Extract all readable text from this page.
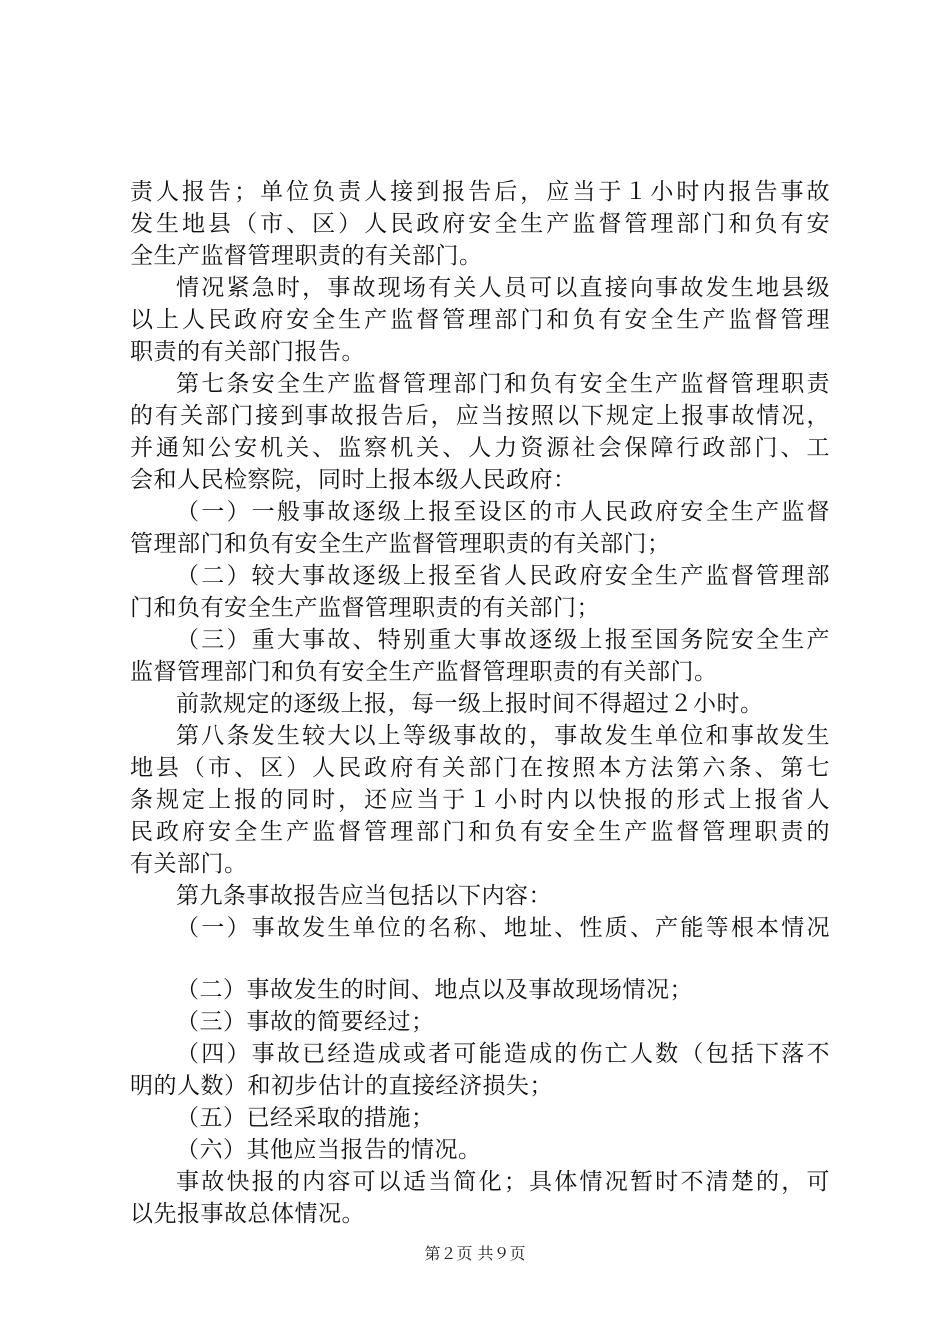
责人报告；单位负责人接到报告后，应当于１小时内报告事故
发生地县（市、区）人民政府安全生产监督管理部门和负有安
全生产监督管理职责的有关部门。
情况紧急时，事故现场有关人员可以直接向事故发生地县级
以上人民政府安全生产监督管理部门和负有安全生产监督管理
职责的有关部门报告。
第七条安全生产监督管理部门和负有安全生产监督管理职责
的有关部门接到事故报告后，应当按照以下规定上报事故情况，
并通知公安机关、监察机关、人力资源社会保障行政部门、工
会和人民检察院，同时上报本级人民政府：
（一）一般事故逐级上报至设区的市人民政府安全生产监督
管理部门和负有安全生产监督管理职责的有关部门；
（二）较大事故逐级上报至省人民政府安全生产监督管理部
门和负有安全生产监督管理职责的有关部门；
（三）重大事故、特别重大事故逐级上报至国务院安全生产
监督管理部门和负有安全生产监督管理职责的有关部门。
前款规定的逐级上报，每一级上报时间不得超过２小时。
第八条发生较大以上等级事故的，事故发生单位和事故发生
地县（市、区）人民政府有关部门在按照本方法第六条、第七
条规定上报的同时，还应当于１小时内以快报的形式上报省人
民政府安全生产监督管理部门和负有安全生产监督管理职责的
有关部门。
第九条事故报告应当包括以下内容：
（一）事故发生单位的名称、地址、性质、产能等根本情况
（二）事故发生的时间、地点以及事故现场情况；
（三）事故的简要经过；
（四）事故已经造成或者可能造成的伤亡人数（包括下落不
明的人数）和初步估计的直接经济损失；
（五）已经采取的措施；
（六）其他应当报告的情况。
事故快报的内容可以适当简化；具体情况暂时不清楚的，可
以先报事故总体情况。
第２页 共９页
